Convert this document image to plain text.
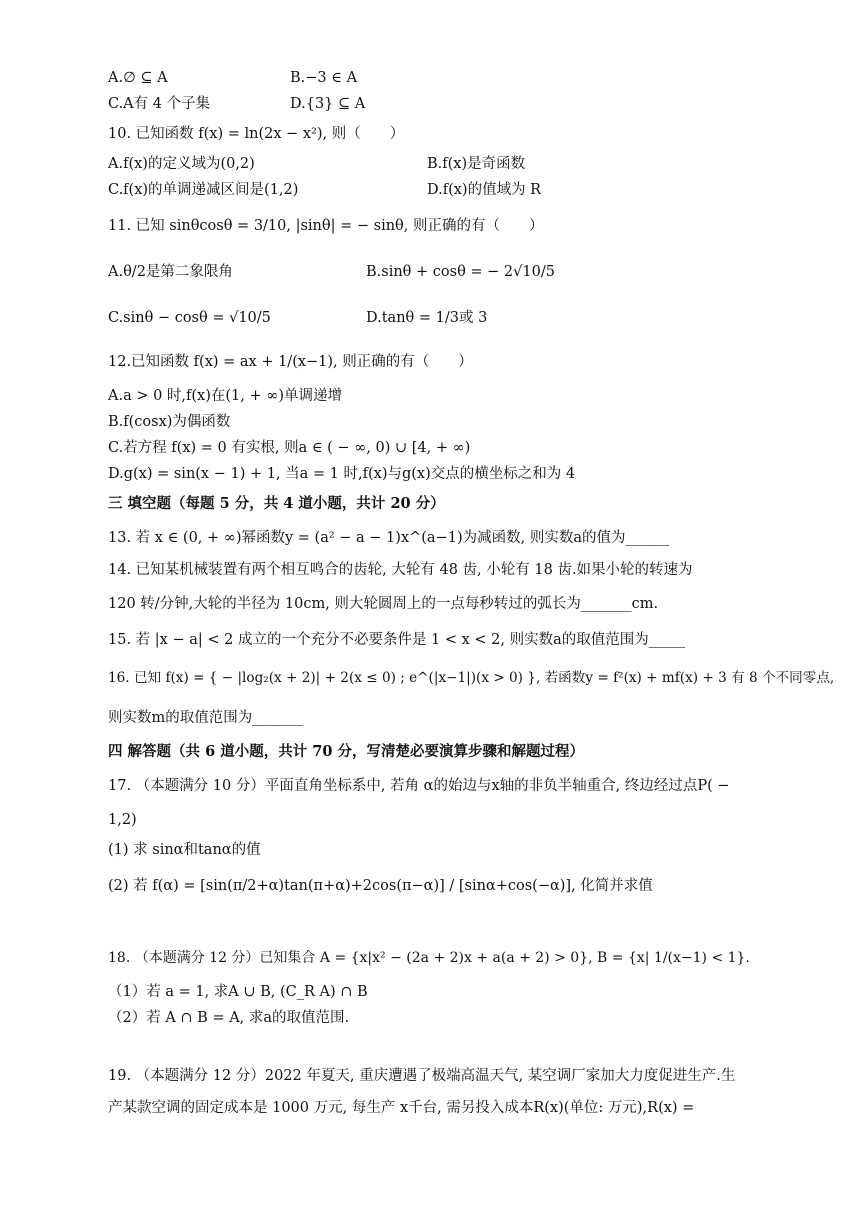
A.∅ ⊆ A	B.−3 ∈ A
C.A有 4 个子集	D.{3} ⊆ A
10. 已知函数 f(x) = ln(2x − x²), 则（　　）
A.f(x)的定义域为(0,2)	B.f(x)是奇函数
C.f(x)的单调递减区间是(1,2)	D.f(x)的值域为 R
11. 已知 sinθcosθ = 3/10, |sinθ| = − sinθ, 则正确的有（　　）
A.θ/2是第二象限角	B.sinθ + cosθ = − 2√10/5
C.sinθ − cosθ = √10/5	D.tanθ = 1/3或 3
12.已知函数 f(x) = ax + 1/(x−1), 则正确的有（　　）
A.a > 0 时,f(x)在(1, + ∞)单调递增
B.f(cosx)为偶函数
C.若方程 f(x) = 0 有实根, 则a ∈ ( − ∞, 0) ∪ [4, + ∞)
D.g(x) = sin(x − 1) + 1, 当a = 1 时,f(x)与g(x)交点的横坐标之和为 4
三 填空题（每题 5 分，共 4 道小题，共计 20 分）
13. 若 x ∈ (0, + ∞)幂函数y = (a² − a − 1)x^(a−1)为减函数, 则实数a的值为______
14. 已知某机械装置有两个相互鸣合的齿轮, 大轮有 48 齿, 小轮有 18 齿.如果小轮的转速为
120 转/分钟,大轮的半径为 10cm, 则大轮圆周上的一点每秒转过的弧长为_______cm.
15. 若 |x − a| < 2 成立的一个充分不必要条件是 1 < x < 2, 则实数a的取值范围为_____
16. 已知 f(x) = { − |log₂(x + 2)| + 2(x ≤ 0) ; e^(|x−1|)(x > 0) }, 若函数y = f²(x) + mf(x) + 3 有 8 个不同零点,
则实数m的取值范围为_______
四 解答题（共 6 道小题，共计 70 分，写清楚必要演算步骤和解题过程）
17. （本题满分 10 分）平面直角坐标系中, 若角 α的始边与x轴的非负半轴重合, 终边经过点P( −
1,2)
(1) 求 sinα和tanα的值
(2) 若 f(α) = [sin(π/2+α)tan(π+α)+2cos(π−α)] / [sinα+cos(−α)], 化简并求值
18. （本题满分 12 分）已知集合 A = {x|x² − (2a + 2)x + a(a + 2) > 0}, B = {x| 1/(x−1) < 1}.
（1）若 a = 1, 求A ∪ B, (C_R A) ∩ B
（2）若 A ∩ B = A, 求a的取值范围.
19. （本题满分 12 分）2022 年夏天, 重庆遭遇了极端高温天气, 某空调厂家加大力度促进生产.生
产某款空调的固定成本是 1000 万元, 每生产 x千台, 需另投入成本R(x)(单位: 万元),R(x) =
